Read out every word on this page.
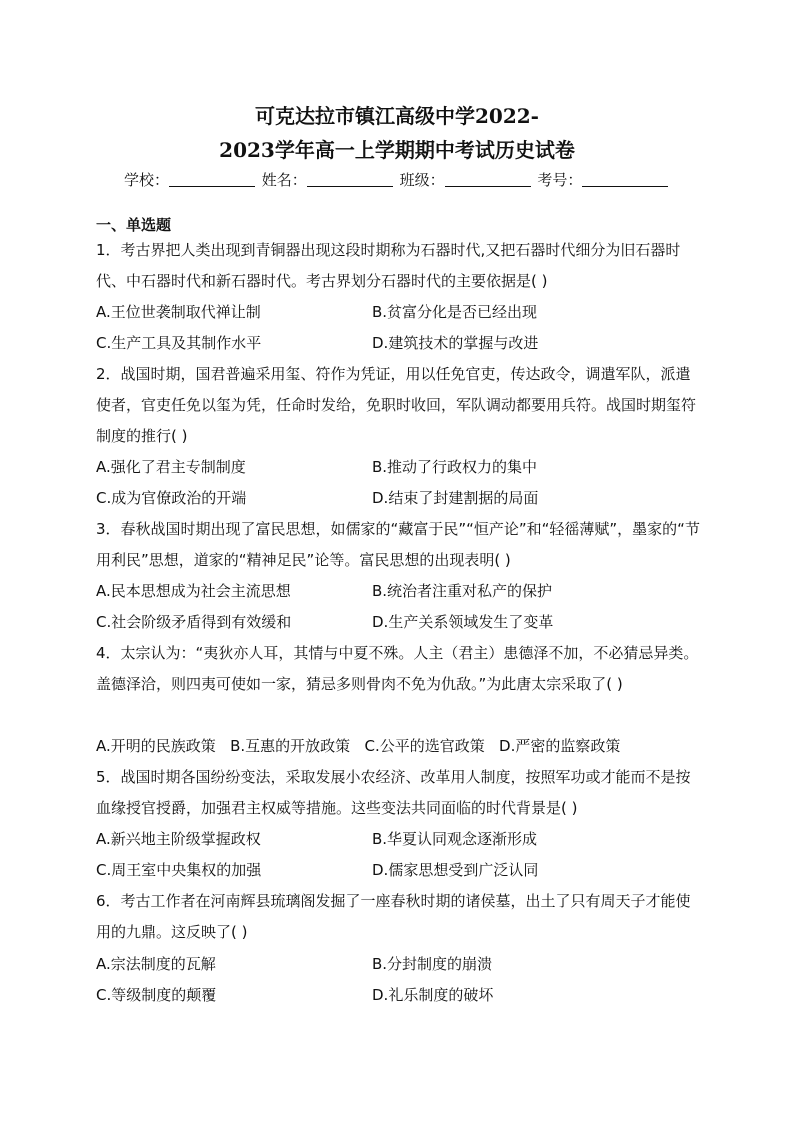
可克达拉市镇江高级中学2022-
2023学年高一上学期期中考试历史试卷
学校：	姓名：	班级：	考号：
一、单选题
1．考古界把人类出现到青铜器出现这段时期称为石器时代,又把石器时代细分为旧石器时代、中石器时代和新石器时代。考古界划分石器时代的主要依据是( )
A.王位世袭制取代禅让制	B.贫富分化是否已经出现
C.生产工具及其制作水平	D.建筑技术的掌握与改进
2．战国时期，国君普遍采用玺、符作为凭证，用以任免官吏，传达政令，调遣军队，派遣使者，官吏任免以玺为凭，任命时发给，免职时收回，军队调动都要用兵符。战国时期玺符制度的推行( )
A.强化了君主专制制度	B.推动了行政权力的集中
C.成为官僚政治的开端	D.结束了封建割据的局面
3．春秋战国时期出现了富民思想，如儒家的“藏富于民”“恒产论”和“轻徭薄赋”，墨家的“节用利民”思想，道家的“精神足民”论等。富民思想的出现表明( )
A.民本思想成为社会主流思想	B.统治者注重对私产的保护
C.社会阶级矛盾得到有效缓和	D.生产关系领域发生了变革
4．太宗认为：“夷狄亦人耳，其情与中夏不殊。人主（君主）患德泽不加，不必猜忌异类。盖德泽洽，则四夷可使如一家，猜忌多则骨肉不免为仇敌。”为此唐太宗采取了( )
A.开明的民族政策 B.互惠的开放政策 C.公平的选官政策 D.严密的监察政策
5．战国时期各国纷纷变法，采取发展小农经济、改革用人制度，按照军功或才能而不是按血缘授官授爵，加强君主权威等措施。这些变法共同面临的时代背景是( )
A.新兴地主阶级掌握政权	B.华夏认同观念逐渐形成
C.周王室中央集权的加强	D.儒家思想受到广泛认同
6．考古工作者在河南辉县琉璃阁发掘了一座春秋时期的诸侯墓，出土了只有周天子才能使用的九鼎。这反映了( )
A.宗法制度的瓦解	B.分封制度的崩溃
C.等级制度的颠覆	D.礼乐制度的破坏
